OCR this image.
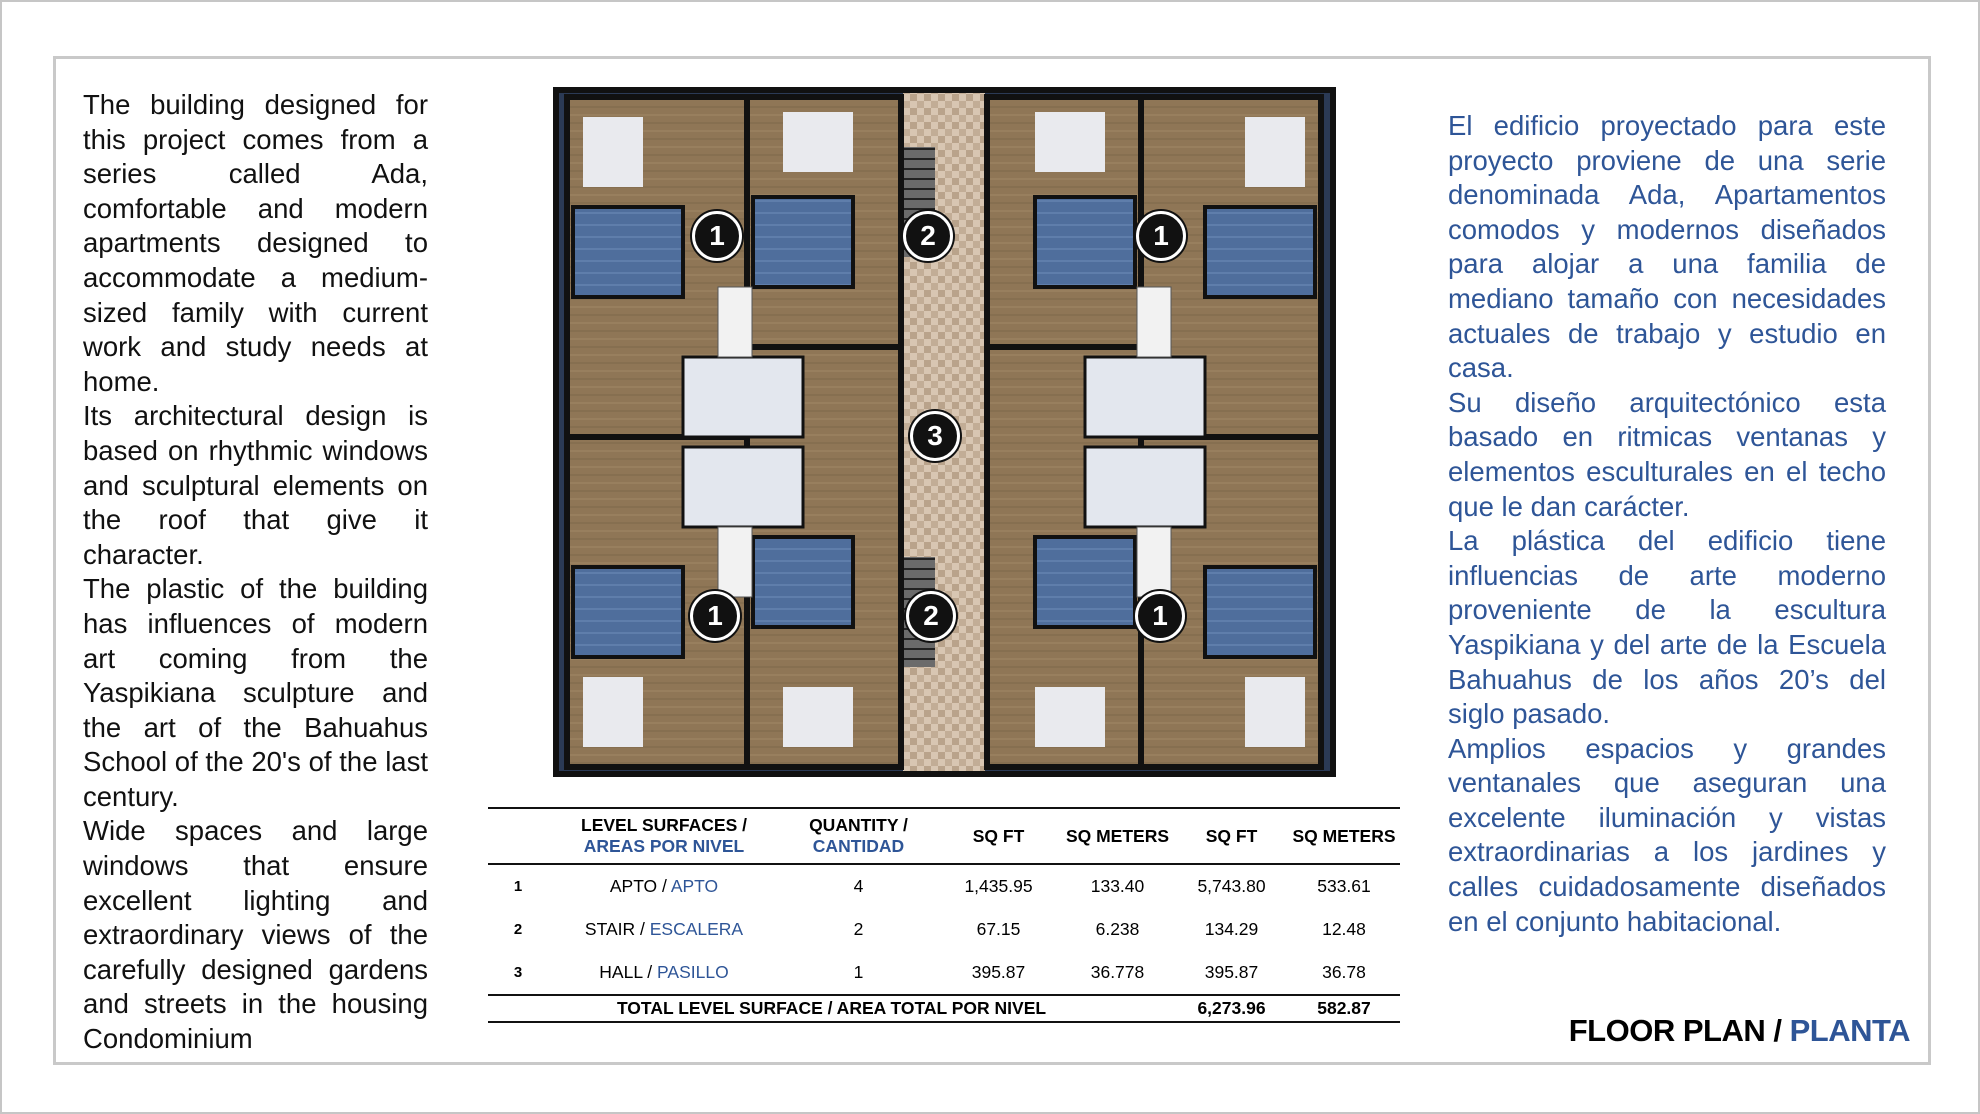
The building designed for this project comes from a series called Ada, comfortable and modern apartments designed to accommodate a medium-sized family with current work and study needs at home.

Its architectural design is based on rhythmic windows and sculptural elements on the roof that give it character.

The plastic of the building has influences of modern art coming from the Yaspikiana sculpture and the art of the Bahuahus School of the 20's of the last century.

Wide spaces and large windows that ensure excellent lighting and extraordinary views of the carefully designed gardens and streets in the housing Condominium

1	2	1
3
1	2	1
	LEVEL SURFACES / AREAS POR NIVEL	QUANTITY / CANTIDAD	SQ FT	SQ METERS	SQ FT	SQ METERS
1	APTO / APTO	4	1,435.95	133.40	5,743.80	533.61
2	STAIR / ESCALERA	2	67.15	6.238	134.29	12.48
3	HALL / PASILLO	1	395.87	36.778	395.87	36.78
TOTAL LEVEL SURFACE / AREA TOTAL POR NIVEL					6,273.96	582.87

El edificio proyectado para este proyecto proviene de una serie denominada Ada, Apartamentos comodos y modernos diseñados para alojar a una familia de mediano tamaño con necesidades actuales de trabajo y estudio en casa.

Su diseño arquitectónico esta basado en ritmicas ventanas y elementos esculturales en el techo que le dan carácter.

La plástica del edificio tiene influencias de arte moderno proveniente de la escultura Yaspikiana y del arte de la Escuela Bahuahus de los años 20’s del siglo pasado.

Amplios espacios y grandes ventanales que aseguran una excelente iluminación y vistas extraordinarias a los jardines y calles cuidadosamente diseñados en el conjunto habitacional.

FLOOR PLAN / PLANTA
